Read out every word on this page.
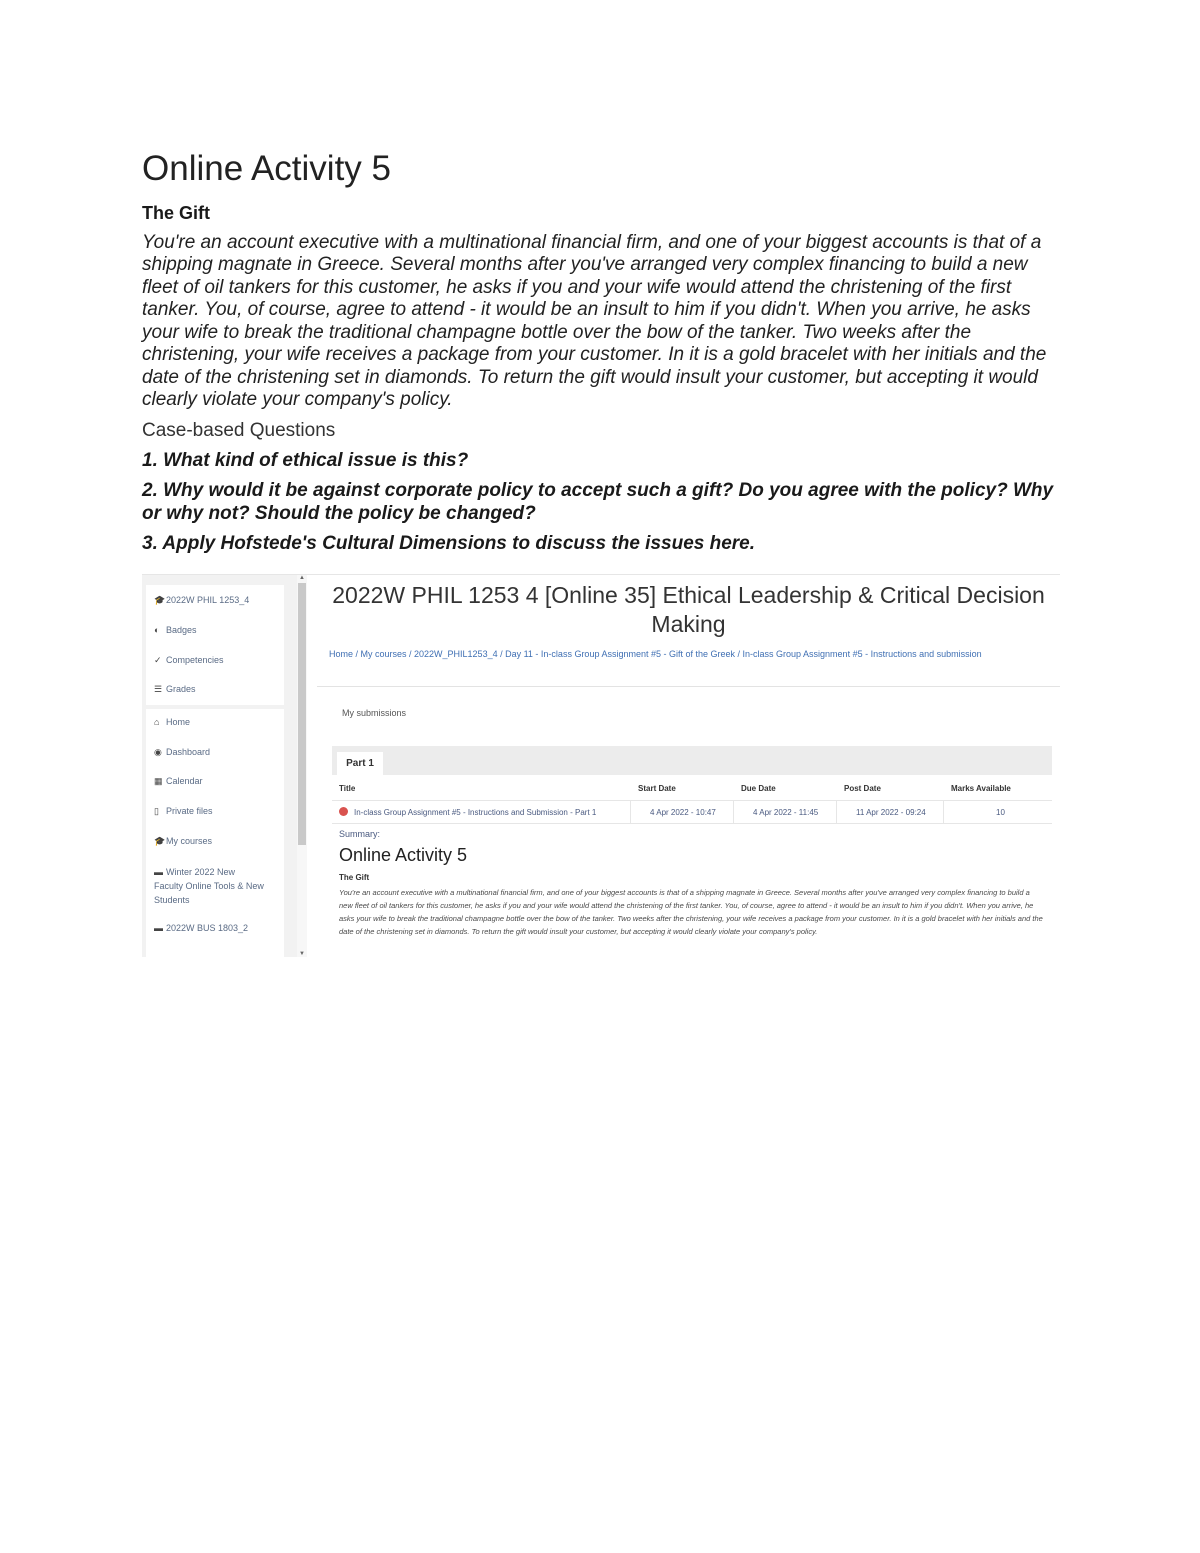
Online Activity 5
The Gift

You're an account executive with a multinational financial firm, and one of your biggest accounts is that of a shipping magnate in Greece. Several months after you've arranged very complex financing to build a new fleet of oil tankers for this customer, he asks if you and your wife would attend the christening of the first tanker. You, of course, agree to attend - it would be an insult to him if you didn't. When you arrive, he asks your wife to break the traditional champagne bottle over the bow of the tanker. Two weeks after the christening, your wife receives a package from your customer. In it is a gold bracelet with her initials and the date of the christening set in diamonds. To return the gift would insult your customer, but accepting it would clearly violate your company's policy.

Case-based Questions

1. What kind of ethical issue is this?

2. Why would it be against corporate policy to accept such a gift? Do you agree with the policy? Why or why not? Should the policy be changed?

3. Apply Hofstede's Cultural Dimensions to discuss the issues here.

🎓2022W PHIL 1253_4
◐ Badges
✓ Competencies
☰ Grades
⌂ Home
◉ Dashboard
▦ Calendar
▯ Private files
🎓My courses
▬ Winter 2022 New Faculty Online Tools & New Students
▬ 2022W BUS 1803_2
▲
▼
2022W PHIL 1253 4 [Online 35] Ethical Leadership & Critical Decision Making
Home / My courses / 2022W_PHIL1253_4 / Day 11 - In-class Group Assignment #5 - Gift of the Greek / In-class Group Assignment #5 - Instructions and submission
My submissions
Part 1
Title	Start Date	Due Date	Post Date	Marks Available
In-class Group Assignment #5 - Instructions and Submission - Part 1	4 Apr 2022 - 10:47	4 Apr 2022 - 11:45	11 Apr 2022 - 09:24	10
Summary:
Online Activity 5
The Gift
You're an account executive with a multinational financial firm, and one of your biggest accounts is that of a shipping magnate in Greece. Several months after you've arranged very complex financing to build a new fleet of oil tankers for this customer, he asks if you and your wife would attend the christening of the first tanker. You, of course, agree to attend - it would be an insult to him if you didn't. When you arrive, he asks your wife to break the traditional champagne bottle over the bow of the tanker. Two weeks after the christening, your wife receives a package from your customer. In it is a gold bracelet with her initials and the date of the christening set in diamonds. To return the gift would insult your customer, but accepting it would clearly violate your company's policy.
